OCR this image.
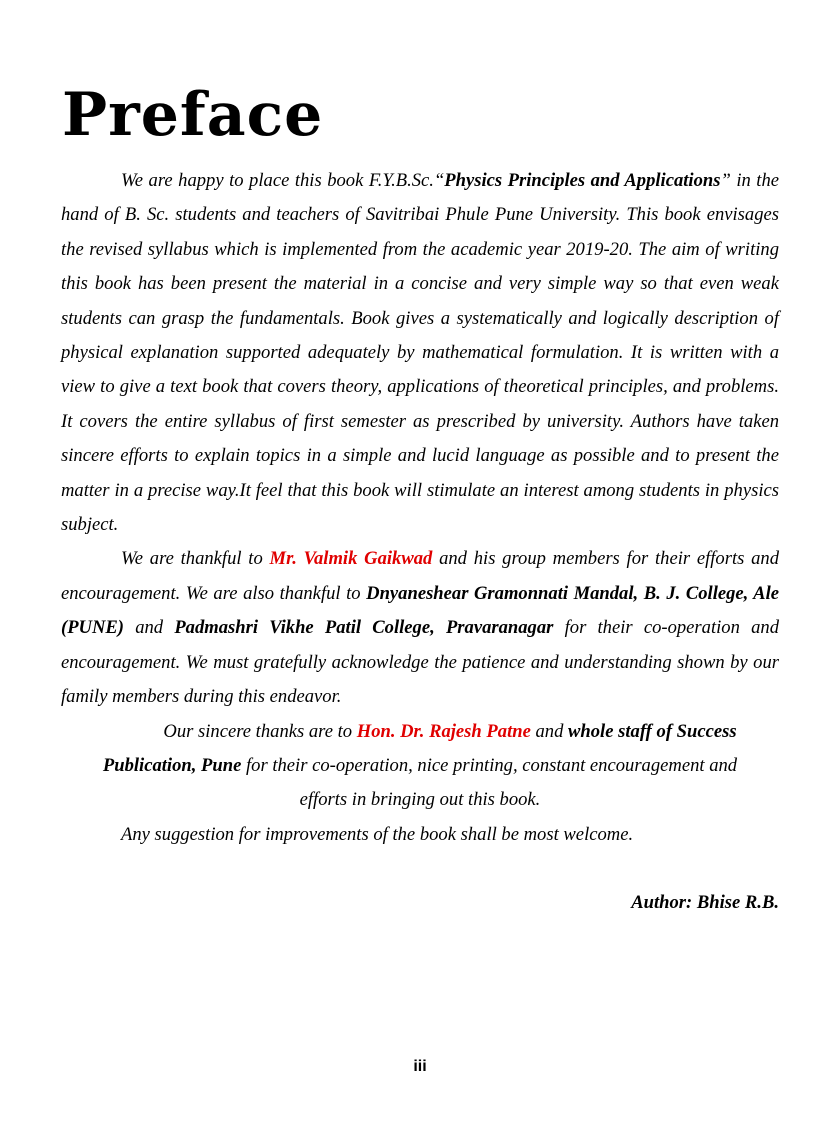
Preface

We are happy to place this book F.Y.B.Sc.“Physics Principles and Applications” in the hand of B. Sc. students and teachers of Savitribai Phule Pune University. This book envisages the revised syllabus which is implemented from the academic year 2019-20. The aim of writing this book has been present the material in a concise and very simple way so that even weak students can grasp the fundamentals. Book gives a systematically and logically description of physical explanation supported adequately by mathematical formulation. It is written with a view to give a text book that covers theory, applications of theoretical principles, and problems. It covers the entire syllabus of first semester as prescribed by university. Authors have taken sincere efforts to explain topics in a simple and lucid language as possible and to present the matter in a precise way.It feel that this book will stimulate an interest among students in physics subject.

We are thankful to Mr. Valmik Gaikwad and his group members for their efforts and encouragement. We are also thankful to Dnyaneshear Gramonnati Mandal, B. J. College, Ale (PUNE) and Padmashri Vikhe Patil College, Pravaranagar for their co-operation and encouragement. We must gratefully acknowledge the patience and understanding shown by our family members during this endeavor.

Our sincere thanks are to Hon. Dr. Rajesh Patne and whole staff of Success Publication, Pune for their co-operation, nice printing, constant encouragement and efforts in bringing out this book.

Any suggestion for improvements of the book shall be most welcome.

Author: Bhise R.B.

iii
